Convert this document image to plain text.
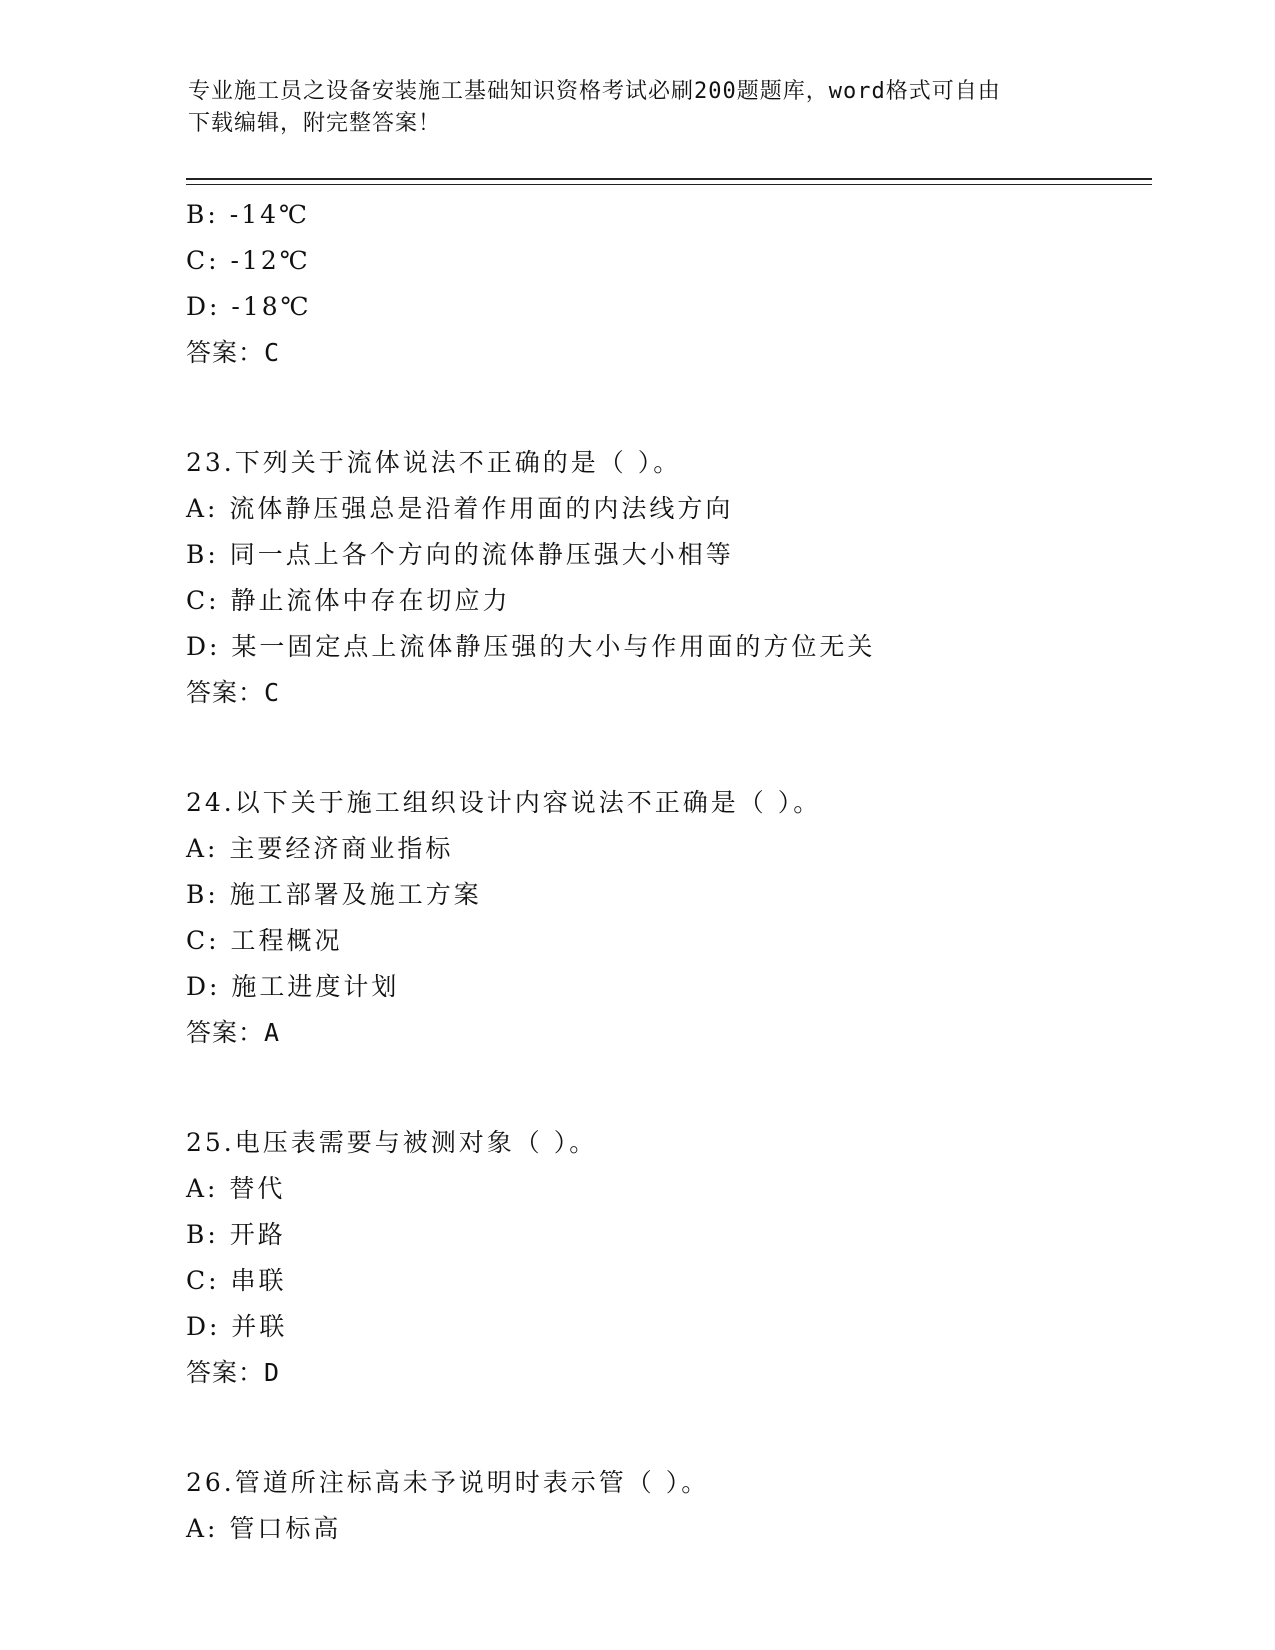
专业施工员之设备安装施工基础知识资格考试必刷200题题库，word格式可自由
下载编辑，附完整答案！
B: -14℃
C: -12℃
D: -18℃
答案：C
23.下列关于流体说法不正确的是（ ）。
A: 流体静压强总是沿着作用面的内法线方向
B: 同一点上各个方向的流体静压强大小相等
C: 静止流体中存在切应力
D: 某一固定点上流体静压强的大小与作用面的方位无关
答案：C
24.以下关于施工组织设计内容说法不正确是（ ）。
A: 主要经济商业指标
B: 施工部署及施工方案
C: 工程概况
D: 施工进度计划
答案：A
25.电压表需要与被测对象（ ）。
A: 替代
B: 开路
C: 串联
D: 并联
答案：D
26.管道所注标高未予说明时表示管（ ）。
A: 管口标高
